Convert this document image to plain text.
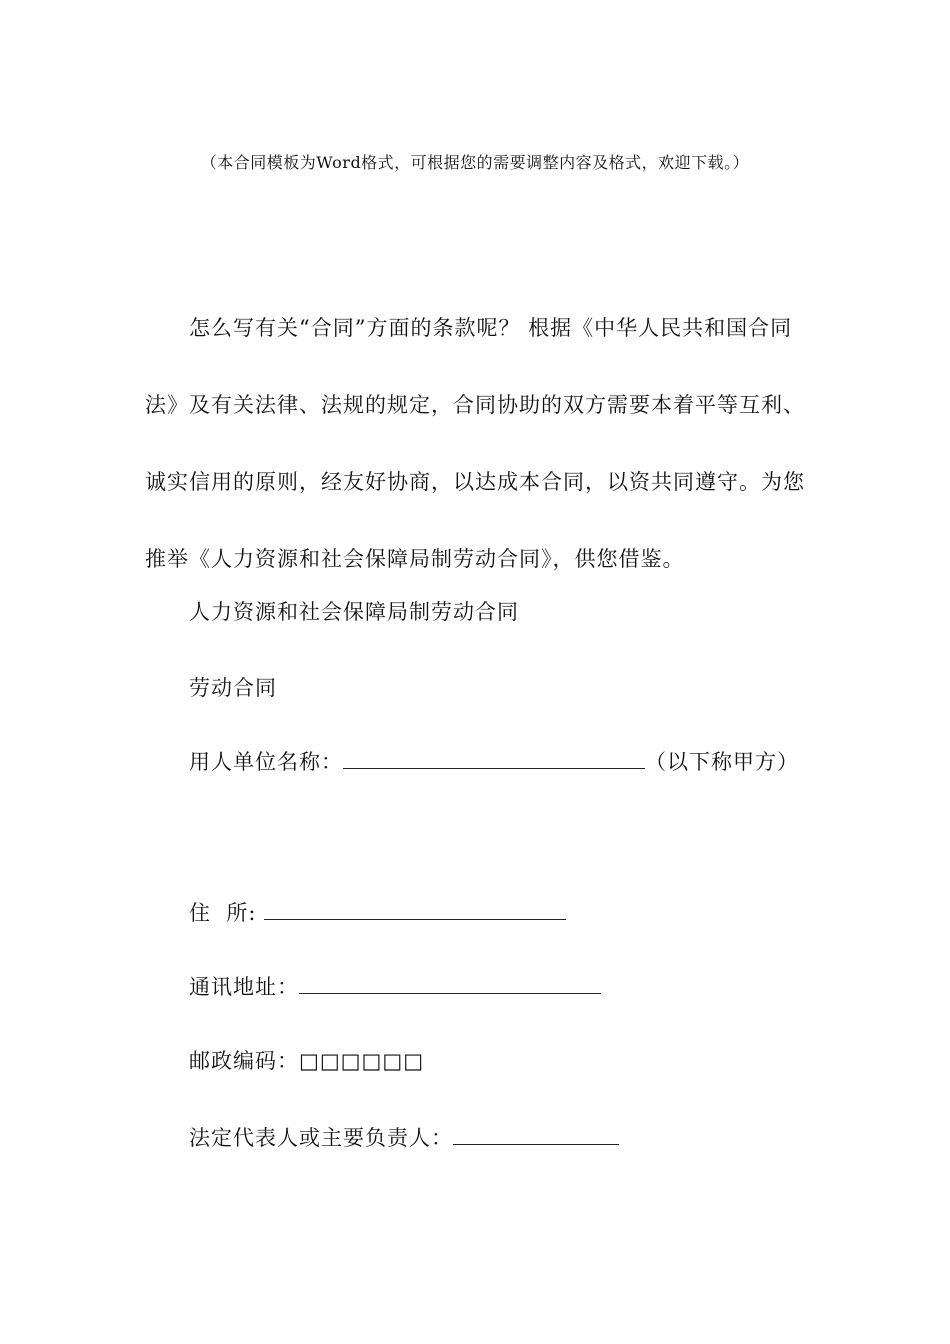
（本合同模板为Word格式，可根据您的需要调整内容及格式，欢迎下载。）

怎么写有关“合同”方面的条款呢？ 根据《中华人民共和国合同法》及有关法律、法规的规定，合同协助的双方需要本着平等互利、诚实信用的原则，经友好协商，以达成本合同，以资共同遵守。为您推举《人力资源和社会保障局制劳动合同》，供您借鉴。

人力资源和社会保障局制劳动合同

劳动合同

用人单位名称：	（以下称甲方）

住  所:

通讯地址：

邮政编码：□□□□□□

法定代表人或主要负责人：
